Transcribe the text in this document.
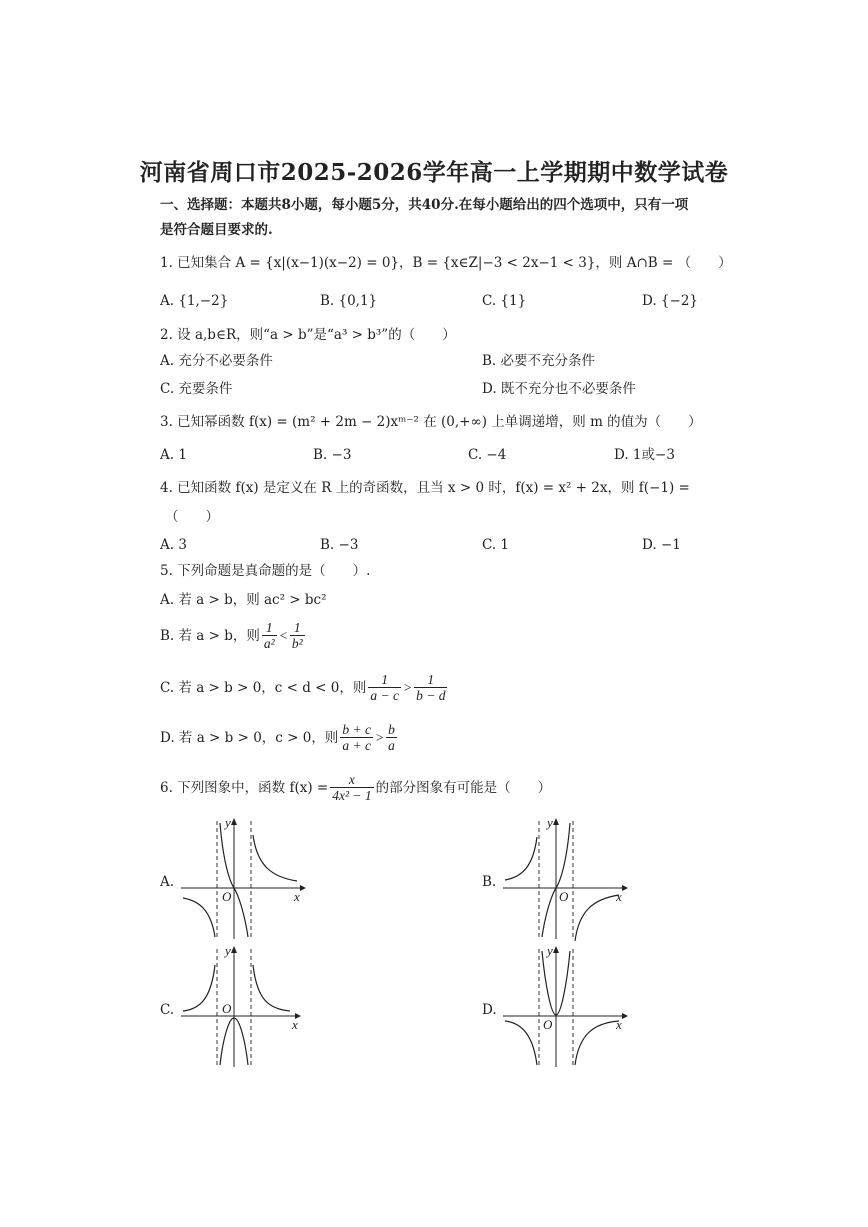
河南省周口市2025-2026学年高一上学期期中数学试卷
一、选择题：本题共8小题，每小题5分，共40分.在每小题给出的四个选项中，只有一项
是符合题目要求的.
1. 已知集合 A = {x|(x−1)(x−2) = 0}，B = {x∈Z|−3 < 2x−1 < 3}，则 A∩B = （　　）
A. {1,−2}	B. {0,1}	C. {1}	D. {−2}
2. 设 a,b∈R，则“a > b”是“a³ > b³”的（　　）
A. 充分不必要条件	B. 必要不充分条件
C. 充要条件	D. 既不充分也不必要条件
3. 已知幂函数 f(x) = (m² + 2m − 2)xᵐ⁻² 在 (0,+∞) 上单调递增，则 m 的值为（　　）
A. 1	B. −3	C. −4	D. 1或−3
4. 已知函数 f(x) 是定义在 R 上的奇函数，且当 x > 0 时，f(x) = x² + 2x，则 f(−1) =
（　　）
A. 3	B. −3	C. 1	D. −1
5. 下列命题是真命题的是（　　）.
A. 若 a > b，则 ac² > bc²
B. 若 a > b，则 $\frac{1}{\text{a²}} < \frac{1}{\text{b²}}$
C. 若 a > b > 0，c < d < 0，则 $\frac{1}{a - c} > \frac{1}{b - d}$
D. 若 a > b > 0，c > 0，则 $\frac{b + c}{a + c} > \frac{b}{a}$
6. 下列图象中，函数 $f(x) = \frac{x}{\text{4x² − 1}}$ 的部分图象有可能是（　　）
A.	B.
C.	D.
y
O	x
y
O	x
y
O
x
y
O	x
